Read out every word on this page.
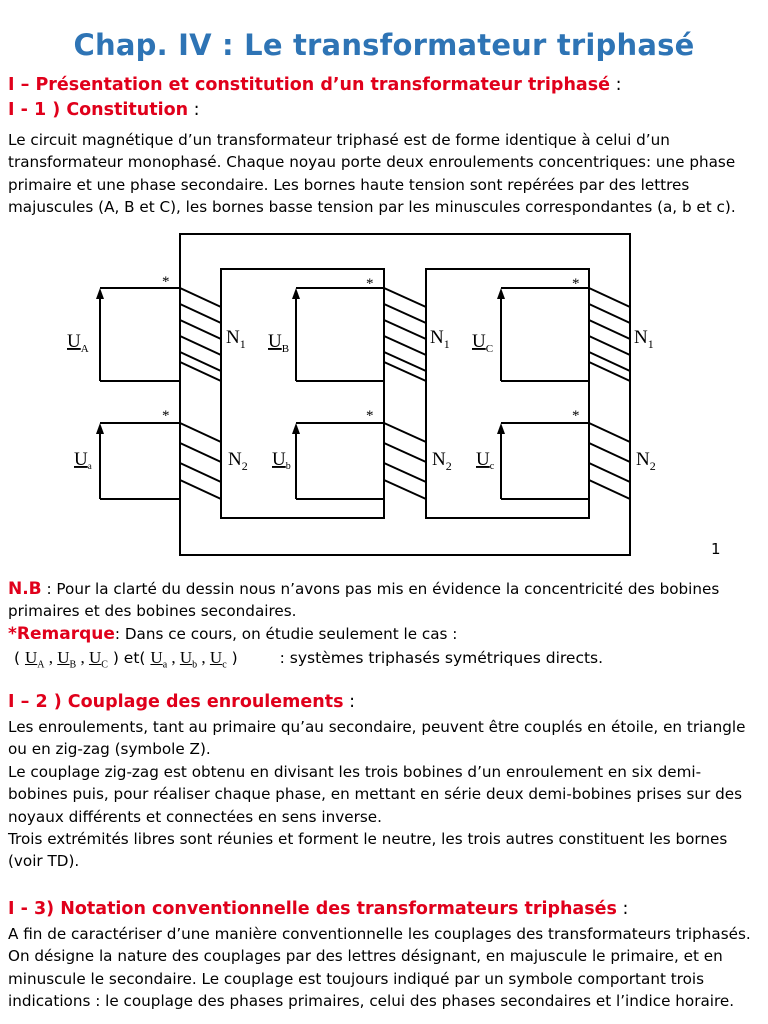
Chap. IV : Le transformateur triphasé
I – Présentation et constitution d’un transformateur triphasé :
I - 1 ) Constitution :

Le circuit magnétique d’un transformateur triphasé est de forme identique à celui d’un

transformateur monophasé. Chaque noyau porte deux enroulements concentriques: une phase

primaire et une phase secondaire. Les bornes haute tension sont repérées par des lettres

majuscules (A, B et C), les bornes basse tension par les minuscules correspondantes (a, b et c).

*
*
*
*
*
*
$U_A$	$U_B$	$U_C$
$U_a$	$U_b$	$U_c$
$N_1$	$N_1$	$N_1$
$N_2$	$N_2$	$N_2$
1

N.B : Pour la clarté du dessin nous n’avons pas mis en évidence la concentricité des bobines

primaires et des bobines secondaires.

*Remarque: Dans ce cours, on étudie seulement le cas :
( $U_A$ , $U_B$ , $U_C$ ) et( $U_a$ , $U_b$ , $U_c$ )	: systèmes triphasés symétriques directs.
I – 2 ) Couplage des enroulements :

Les enroulements, tant au primaire qu’au secondaire, peuvent être couplés en étoile, en triangle

ou en zig-zag (symbole Z).

Le couplage zig-zag est obtenu en divisant les trois bobines d’un enroulement en six demi-

bobines puis, pour réaliser chaque phase, en mettant en série deux demi-bobines prises sur des

noyaux différents et connectées en sens inverse.

Trois extrémités libres sont réunies et forment le neutre, les trois autres constituent les bornes

(voir TD).

I - 3) Notation conventionnelle des transformateurs triphasés :

A fin de caractériser d’une manière conventionnelle les couplages des transformateurs triphasés.

On désigne la nature des couplages par des lettres désignant, en majuscule le primaire, et en

minuscule le secondaire. Le couplage est toujours indiqué par un symbole comportant trois

indications : le couplage des phases primaires, celui des phases secondaires et l’indice horaire.
